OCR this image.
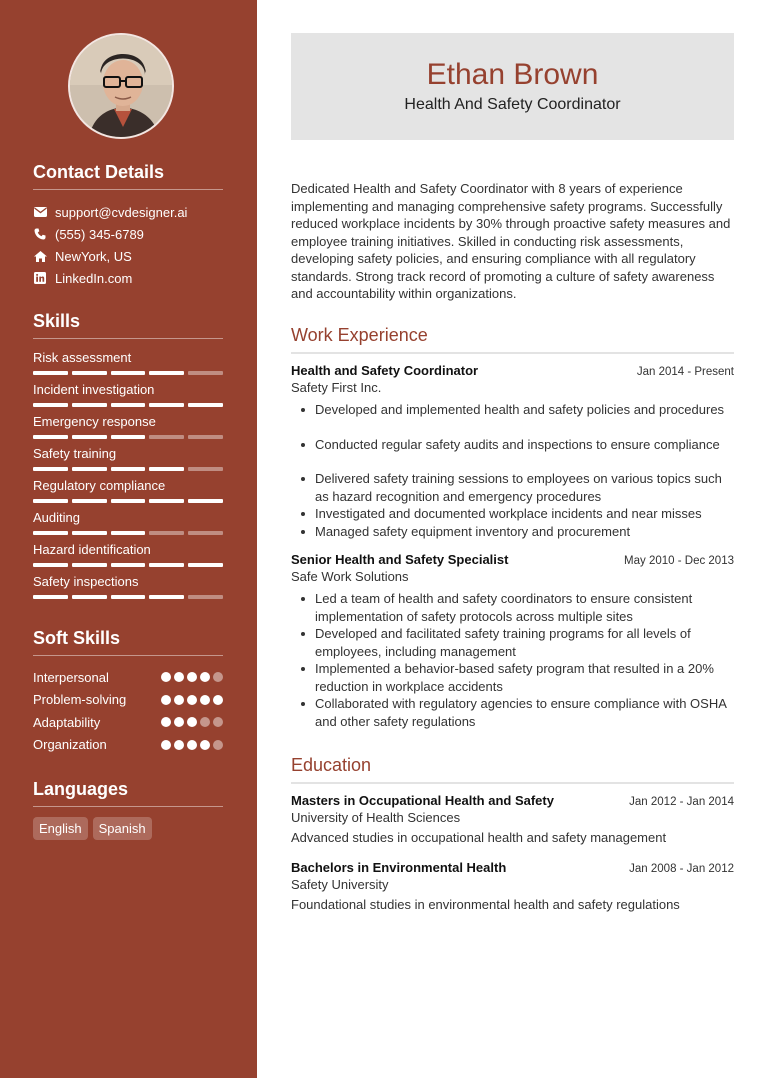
Contact Details
support@cvdesigner.ai
(555) 345-6789
NewYork, US
LinkedIn.com
Skills
Risk assessment
Incident investigation
Emergency response
Safety training
Regulatory compliance
Auditing
Hazard identification
Safety inspections
Soft Skills
Interpersonal
Problem-solving
Adaptability
Organization
Languages
English	Spanish
Ethan Brown
Health And Safety Coordinator
Dedicated Health and Safety Coordinator with 8 years of experience implementing and managing comprehensive safety programs. Successfully reduced workplace incidents by 30% through proactive safety measures and employee training initiatives. Skilled in conducting risk assessments, developing safety policies, and ensuring compliance with all regulatory standards. Strong track record of promoting a culture of safety awareness and accountability within organizations.
Work Experience
Health and Safety Coordinator	Jan 2014 - Present
Safety First Inc.
Developed and implemented health and safety policies and procedures
Conducted regular safety audits and inspections to ensure compliance
Delivered safety training sessions to employees on various topics such as hazard recognition and emergency procedures
Investigated and documented workplace incidents and near misses
Managed safety equipment inventory and procurement
Senior Health and Safety Specialist	May 2010 - Dec 2013
Safe Work Solutions
Led a team of health and safety coordinators to ensure consistent implementation of safety protocols across multiple sites
Developed and facilitated safety training programs for all levels of employees, including management
Implemented a behavior-based safety program that resulted in a 20% reduction in workplace accidents
Collaborated with regulatory agencies to ensure compliance with OSHA and other safety regulations
Education
Masters in Occupational Health and Safety	Jan 2012 - Jan 2014
University of Health Sciences
Advanced studies in occupational health and safety management
Bachelors in Environmental Health	Jan 2008 - Jan 2012
Safety University
Foundational studies in environmental health and safety regulations
